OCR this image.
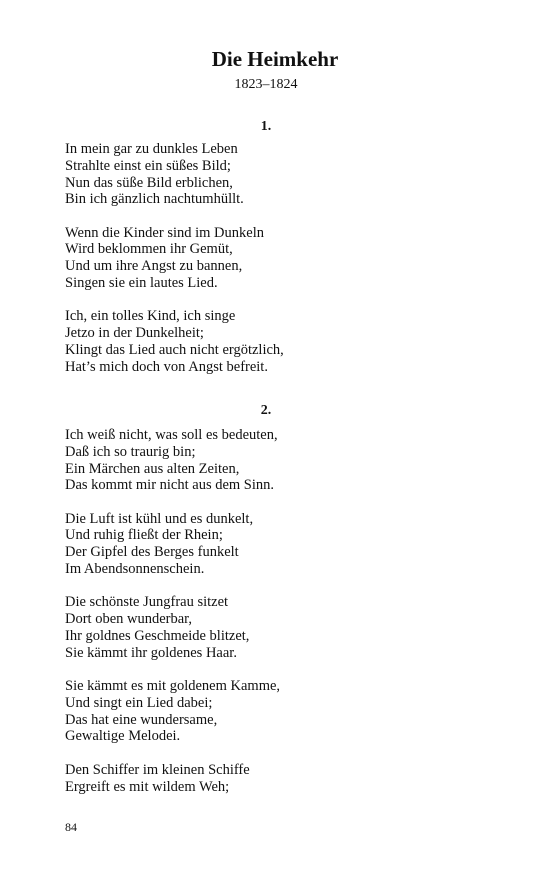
Die Heimkehr
1823–1824
1.
In mein gar zu dunkles Leben
Strahlte einst ein süßes Bild;
Nun das süße Bild erblichen,
Bin ich gänzlich nachtumhüllt.
Wenn die Kinder sind im Dunkeln
Wird beklommen ihr Gemüt,
Und um ihre Angst zu bannen,
Singen sie ein lautes Lied.
Ich, ein tolles Kind, ich singe
Jetzo in der Dunkelheit;
Klingt das Lied auch nicht ergötzlich,
Hat’s mich doch von Angst befreit.
2.
Ich weiß nicht, was soll es bedeuten,
Daß ich so traurig bin;
Ein Märchen aus alten Zeiten,
Das kommt mir nicht aus dem Sinn.
Die Luft ist kühl und es dunkelt,
Und ruhig fließt der Rhein;
Der Gipfel des Berges funkelt
Im Abendsonnenschein.
Die schönste Jungfrau sitzet
Dort oben wunderbar,
Ihr goldnes Geschmeide blitzet,
Sie kämmt ihr goldenes Haar.
Sie kämmt es mit goldenem Kamme,
Und singt ein Lied dabei;
Das hat eine wundersame,
Gewaltige Melodei.
Den Schiffer im kleinen Schiffe
Ergreift es mit wildem Weh;
84
